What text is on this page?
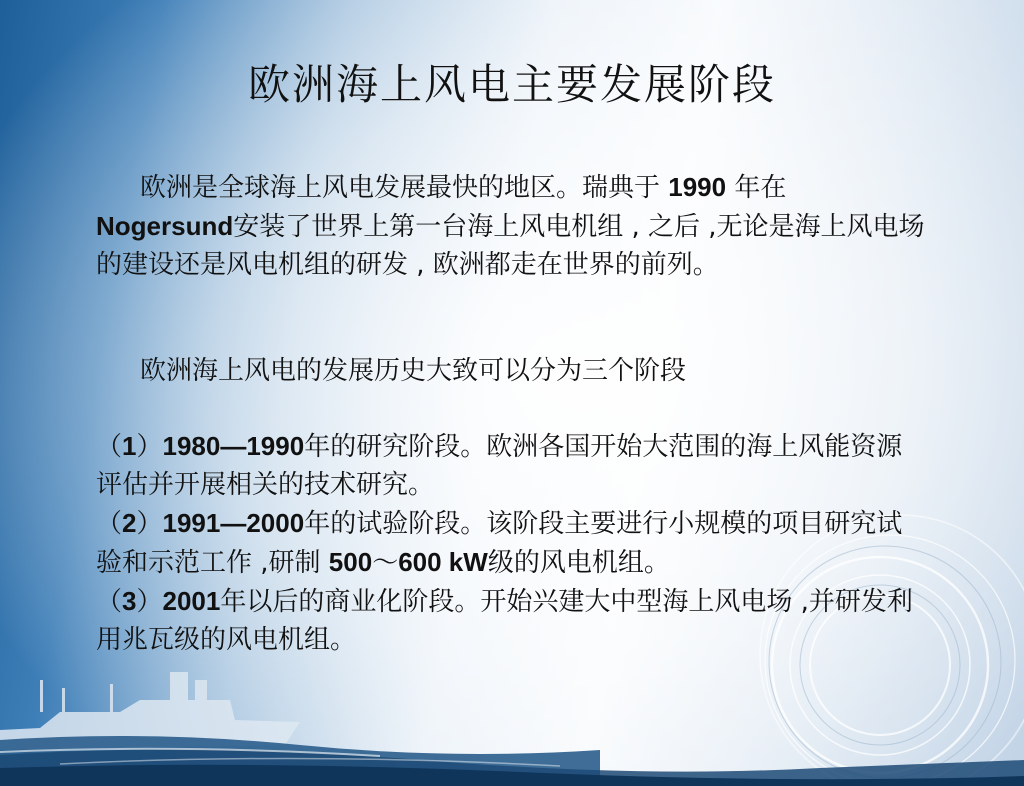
欧洲海上风电主要发展阶段
欧洲是全球海上风电发展最快的地区。瑞典于 1990 年在 Nogersund安装了世界上第一台海上风电机组 , 之后 ,无论是海上风电场的建设还是风电机组的研发 , 欧洲都走在世界的前列。
欧洲海上风电的发展历史大致可以分为三个阶段

（1）1980—1990年的研究阶段。欧洲各国开始大范围的海上风能资源评估并开展相关的技术研究。

（2）1991—2000年的试验阶段。该阶段主要进行小规模的项目研究试验和示范工作 ,研制 500～600 kW级的风电机组。

（3）2001年以后的商业化阶段。开始兴建大中型海上风电场 ,并研发利用兆瓦级的风电机组。
